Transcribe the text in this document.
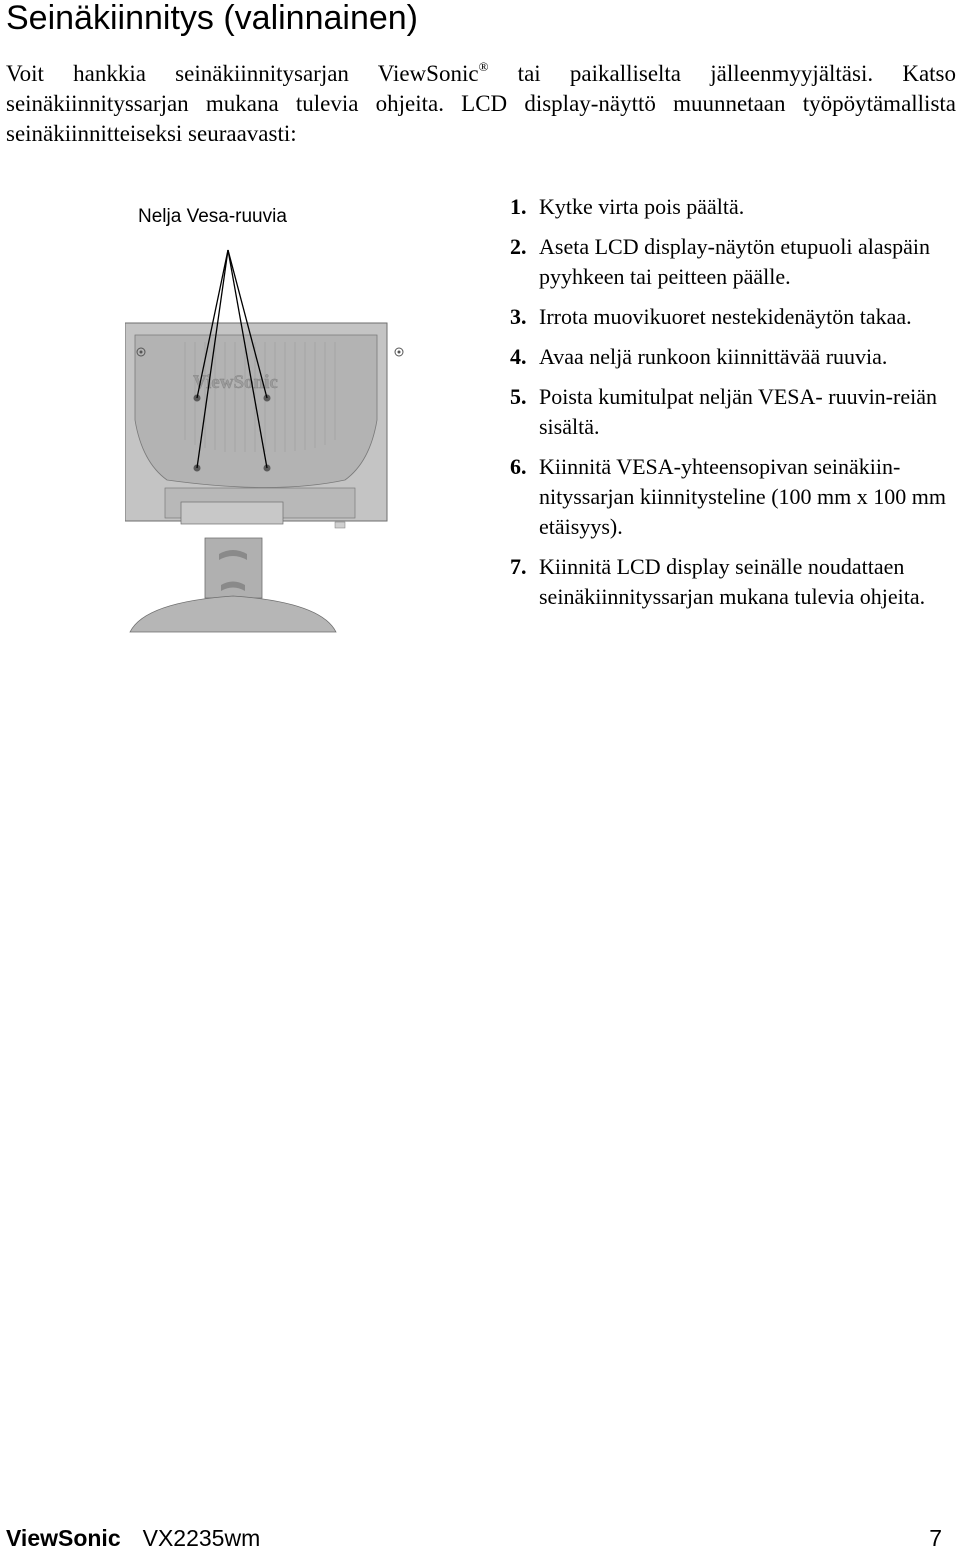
Seinäkiinnitys (valinnainen)

Voit hankkia seinäkiinnitysarjan ViewSonic® tai paikalliselta jälleenmyyjältäsi. Katso seinäkiinnityssarjan mukana tulevia ohjeita. LCD display-näyttö muunnetaan työpöytämallista seinäkiinnitteiseksi seuraavasti:

Nelja Vesa-ruuvia
ViewSonic
1. Kytke virta pois päältä.
2. Aseta LCD display-näytön etupuoli alaspäin pyyhkeen tai peitteen päälle.
3. Irrota muovikuoret nestekidenäytön takaa.
4. Avaa neljä runkoon kiinnittävää ruuvia.
5. Poista kumitulpat neljän VESA- ruuvin-reiän sisältä.
6. Kiinnitä VESA-yhteensopivan seinäkiin-nityssarjan kiinnitysteline (100 mm x 100 mm etäisyys).
7. Kiinnitä LCD display seinälle noudattaen seinäkiinnityssarjan mukana tulevia ohjeita.
ViewSonic VX2235wm	7
